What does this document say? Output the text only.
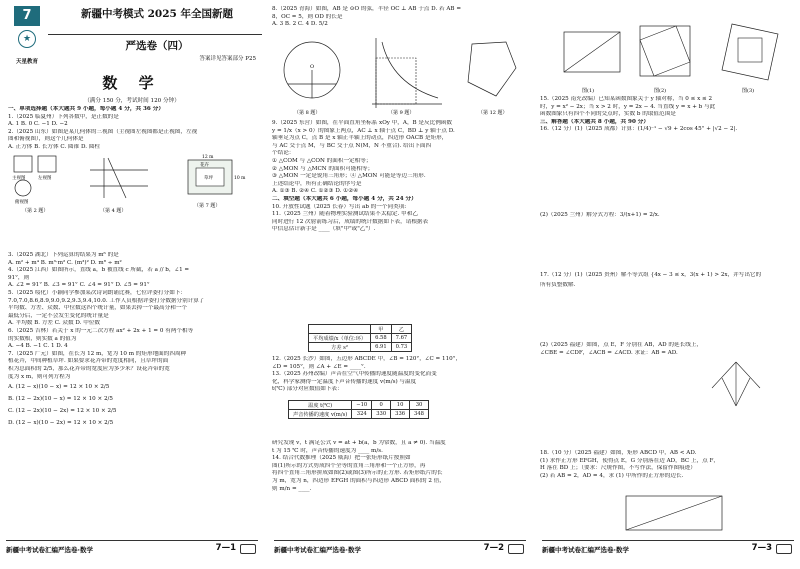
7
★
天星教育
新疆中考模式 2025 年全国新题
严选卷（四）
答案详见答案部分 P25
数 学
（满分 150 分，考试时间 120 分钟）

一、单项选择题（本大题共 9 小题，每小题 4 分，共 36 分）

1.（2025 临夏州）下列各数中，是正数的是

A. 1 B. 0 C. −1 D. −2

2.（2025 山东）如图是某几何体的三视图（主视图左视图都是正视图，左视

图和俯视图），则这个几何体是

A. 正方体 B. 长方体 C. 圆锥 D. 圆柱

主视图	左视图
俯视图
花卉
草坪
12 m
10 m
（第 2 题）	（第 4 题）
（第 7 题）

3.（2025 湖北）下列运算的结果为 m⁶ 的是

A. m² + m⁴ B. m³·m² C. (m³)² D. m⁸ ÷ m²

4.（2025 江西）如图所示，直线 a，b 被直线 c 所截，若 a // b，∠1 =

91°，则

A. ∠2 = 91° B. ∠3 = 91° C. ∠4 = 91° D. ∠5 = 91°

5.（2025 绥化）小颖同学参加某次诗词朗诵比赛，七位评委打分如下：

7.0,7.0,8.6,8.9,9.0,9.2,9.3,9.4,10.0. 工作人员根据评委打分数据分别计算了

平均数、方差、众数、中位数这四个统计量，如果去掉一个最高分和一个

最低分后，一定不会发生变化的统计量是

A. 平均数 B. 方差 C. 众数 D. 中位数

6.（2025 吉林）若关于 x 的一元二次方程 ax² + 2x + 1 = 0 有两个相等

的实数根，则实数 a 的值为

A. −4 B. −1 C. 1 D. 4

7.（2025 广元）如图，在长为 12 m，宽为 10 m 的矩形地面的四周种

植花卉，中间种植草坪. 如果要求花卉带的宽度相同，且草坪的面

积为总面积的 2/5，那么花卉带的宽度应为多少米？设花卉带的宽

度为 x m，则可列方程为

A. (12 − x)(10 − x) = 12 × 10 × 2/5

B. (12 − 2x)(10 − x) = 12 × 10 × 2/5

C. (12 − 2x)(10 − 2x) = 12 × 10 × 2/5

D. (12 − x)(10 − 2x) = 12 × 10 × 2/5

新疆中考试卷汇编严选卷·数学	7—1

8.（2025 青海）如图，AB 是 ⊙O 的弦，半径 OC ⊥ AB 于点 D. 若 AB =

8，OC = 5，则 OD 的长是

A. 3 B. 2 C. 4 D. 5/2

O
（第 8 题）	（第 9 题）	（第 12 题）

9.（2025 东营）如图，在平面直角坐标系 xOy 中，A，B 是反比例函数

y = 1/x（x > 0）的图象上两点，AC ⊥ x 轴于点 C，BD ⊥ y 轴于点 D.

轴垂足为点 C，点 B 是 x 轴正半轴上的动点，四边形 OACB 是矩形，

与 AC 交于点 M，与 BC 交于点 N(M，N 不重合). 给出下面四

个结论：

① △COM 与 △CON 的面积一定相等；

② △MON 与 △MCN 的面积可能相等；

③ △MON 一定是锐角三角形；④ △MON 可能是等边三角形.

上述结论中，所有正确结论的序号是

A. ①③ B. ②④ C. ①②③ D. ①②④

二、填空题（本大题共 6 小题，每小题 4 分，共 24 分）

10. 开放性试题（2025 长春）写出 ab 的一个同类项:

11.（2025 兰州）随着物理实验测试结果不太稳定. 甲和乙

同时进行 12 次射箭练习后，成绩的统计数据如下表，请根据表

中信息估计新手是 ____（填"甲"或"乙"）.

	甲	乙
平均成绩/x（单位:环）	6.58	7.67
方差 s²	6.91	0.73

12.（2025 长沙）如图，五边形 ABCDE 中，∠B = 120°，∠C = 110°，

∠D = 105°，则 ∠A + ∠E = ____°.

13.（2025 苏州改编）声音在空气中传播的速度随温度的变化而变

化，科学家测得一定温度下声音传播的速度 v(m/s) 与温度

t(℃) 部分对应数值如下表：

温度 t(℃)	−10	0	10	30
声音传播的速度 v(m/s)	324	330	336	348

研究发现 v，t 满足公式 v = at + b(a，b 为常数，且 a ≠ 0). 当温度

t 为 15 ℃ 时，声音传播的速度为 ____ m/s.

14. 结合代数推理（2025 威海）把一张矩形纸片按照如

图(1)所示的方式剪成四个全等的直角三角形和一个正方形，再

将四个直角三角形拼成如图(2)或图(3)所示的正方形. 若矩形纸片的长

为 m，宽为 n，四边形 EFGH 的面积与四边形 ABCD 面积的 2 倍，

则 m/n = ____.

新疆中考试卷汇编严选卷·数学	7—2
图(1)	图(2)	图(3)

15.（2025 南充改编）已知某函数图象关于 y 轴对称，当 0 ≤ x ≤ 2

时，y = x² − 2x；当 x > 2 时，y = 2x − 4. 当直线 y = x + b 与此

函数图象只有四个不同的交点时，实数 b 的取值范围是

三、解答题（本大题共 8 小题，共 90 分）

16.（12 分）(1)（2025 成都）计算：(1/4)⁻¹ − √9 + 2cos 45° + |√2 − 2|.

(2)（2025 兰州）解分式方程：3/(x+1) = 2/x.

17.（12 分）(1)（2025 贵州）解不等式组 {4x − 3 ≤ x，3(x + 1) > 2x，并写出它的

所有负整数解.

(2)（2025 福建）如图，点 E，F 分别在 AB，AD 的延长线上，

∠CBE = ∠CDF，∠ACB = ∠ACD. 求证：AB = AD.

18.（10 分）（2025 福建）如图，矩形 ABCD 中，AB < AD.

(1) 求作正方形 EFGH，使得点 E，G 分别落在边 AD，BC 上，点 F，

H 落在 BD 上；（要求：尺规作图，不写作法，保留作图痕迹）

(2) 若 AB = 2，AD = 4，求 (1) 中所作的正方形的边长.

新疆中考试卷汇编严选卷·数学	7—3
